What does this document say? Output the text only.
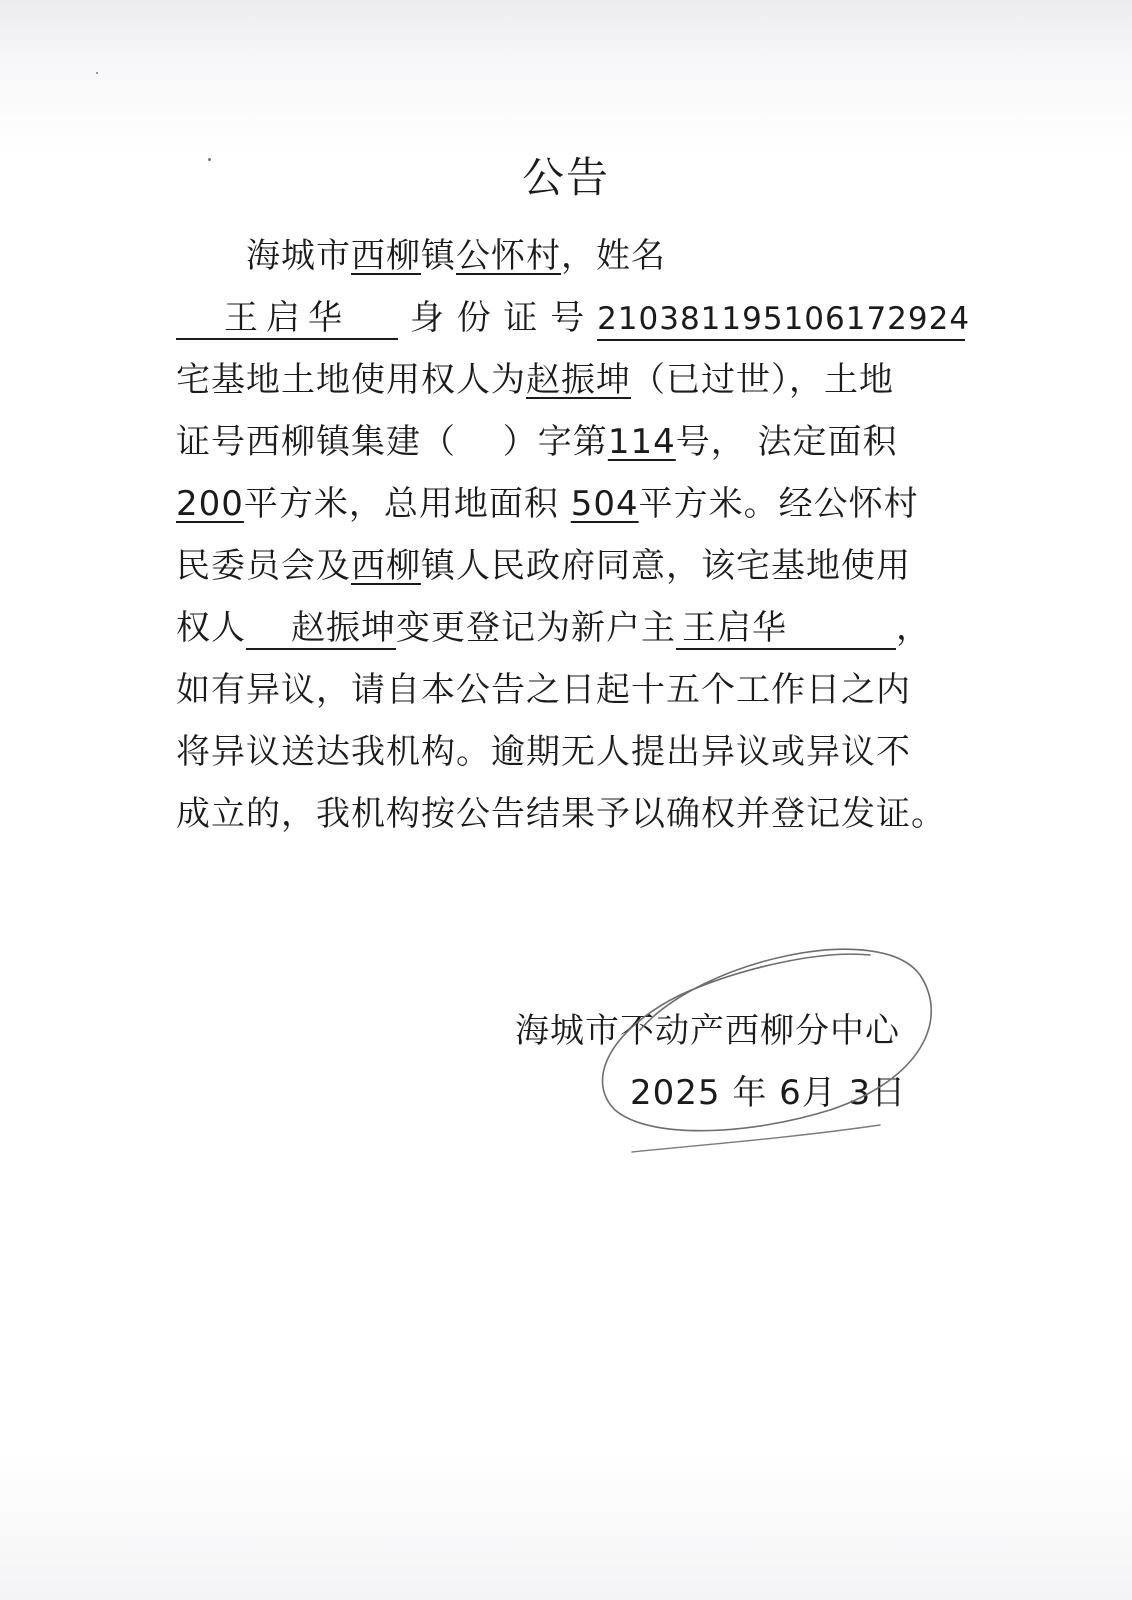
公告
海城市西柳镇公怀村，姓名
王启华 身 份 证 号 210381195106172924
宅基地土地使用权人为赵振坤（已过世），土地
证号西柳镇集建（　 ）字第114号， 法定面积
200平方米，总用地面积 504平方米。经公怀村
民委员会及西柳镇人民政府同意，该宅基地使用
权人 赵振坤变更登记为新户主 王启华	，
如有异议，请自本公告之日起十五个工作日之内
将异议送达我机构。逾期无人提出异议或异议不
成立的，我机构按公告结果予以确权并登记发证。
海城市不动产西柳分中心
2025 年 6月 3日
